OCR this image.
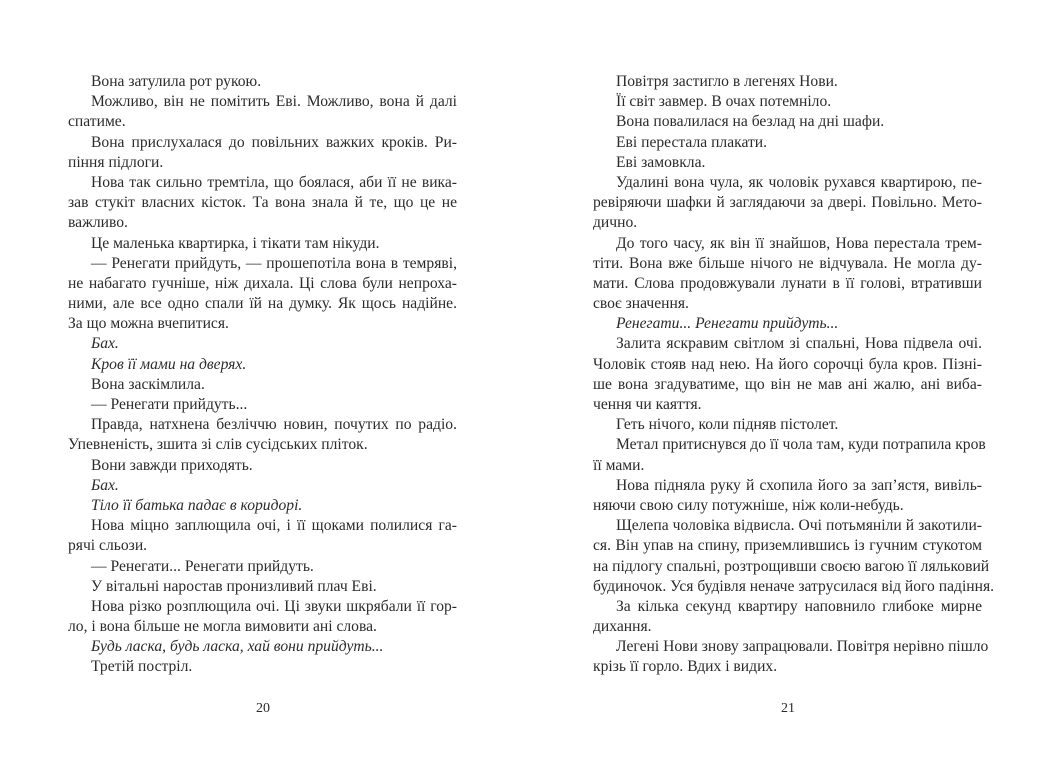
Вона затулила рот рукою.
Можливо, він не помітить Еві. Можливо, вона й далі
спатиме.
Вона прислухалася до повільних важких кроків. Ри-
піння підлоги.
Нова так сильно тремтіла, що боялася, аби її не вика-
зав стукіт власних кісток. Та вона знала й те, що це не
важливо.
Це маленька квартирка, і тікати там нікуди.
— Ренегати прийдуть, — прошепотіла вона в темряві,
не набагато гучніше, ніж дихала. Ці слова були непроха-
ними, але все одно спали їй на думку. Як щось надійне.
За що можна вчепитися.
Бах.
Кров її мами на дверях.
Вона заскімлила.
— Ренегати прийдуть...
Правда, натхнена безліччю новин, почутих по радіо.
Упевненість, зшита зі слів сусідських пліток.
Вони завжди приходять.
Бах.
Тіло її батька падає в коридорі.
Нова міцно заплющила очі, і її щоками полилися га-
рячі сльози.
— Ренегати... Ренегати прийдуть.
У вітальні наростав пронизливий плач Еві.
Нова різко розплющила очі. Ці звуки шкрябали її гор-
ло, і вона більше не могла вимовити ані слова.
Будь ласка, будь ласка, хай вони прийдуть...
Третій постріл.
Повітря застигло в легенях Нови.
Її світ завмер. В очах потемніло.
Вона повалилася на безлад на дні шафи.
Еві перестала плакати.
Еві замовкла.
Удалині вона чула, як чоловік рухався квартирою, пе-
ревіряючи шафки й заглядаючи за двері. Повільно. Мето-
дично.
До того часу, як він її знайшов, Нова перестала трем-
тіти. Вона вже більше нічого не відчувала. Не могла ду-
мати. Слова продовжували лунати в її голові, втративши
своє значення.
Ренегати... Ренегати прийдуть...
Залита яскравим світлом зі спальні, Нова підвела очі.
Чоловік стояв над нею. На його сорочці була кров. Пізні-
ше вона згадуватиме, що він не мав ані жалю, ані виба-
чення чи каяття.
Геть нічого, коли підняв пістолет.
Метал притиснувся до її чола там, куди потрапила кров
її мами.
Нова підняла руку й схопила його за зап’ястя, вивіль-
няючи свою силу потужніше, ніж коли-небудь.
Щелепа чоловіка відвисла. Очі потьмяніли й закотили-
ся. Він упав на спину, приземлившись із гучним стукотом
на підлогу спальні, розтрощивши своєю вагою її ляльковий
будиночок. Уся будівля неначе затрусилася від його падіння.
За кілька секунд квартиру наповнило глибоке мирне
дихання.
Легені Нови знову запрацювали. Повітря нерівно пішло
крізь її горло. Вдих і видих.
20	21
